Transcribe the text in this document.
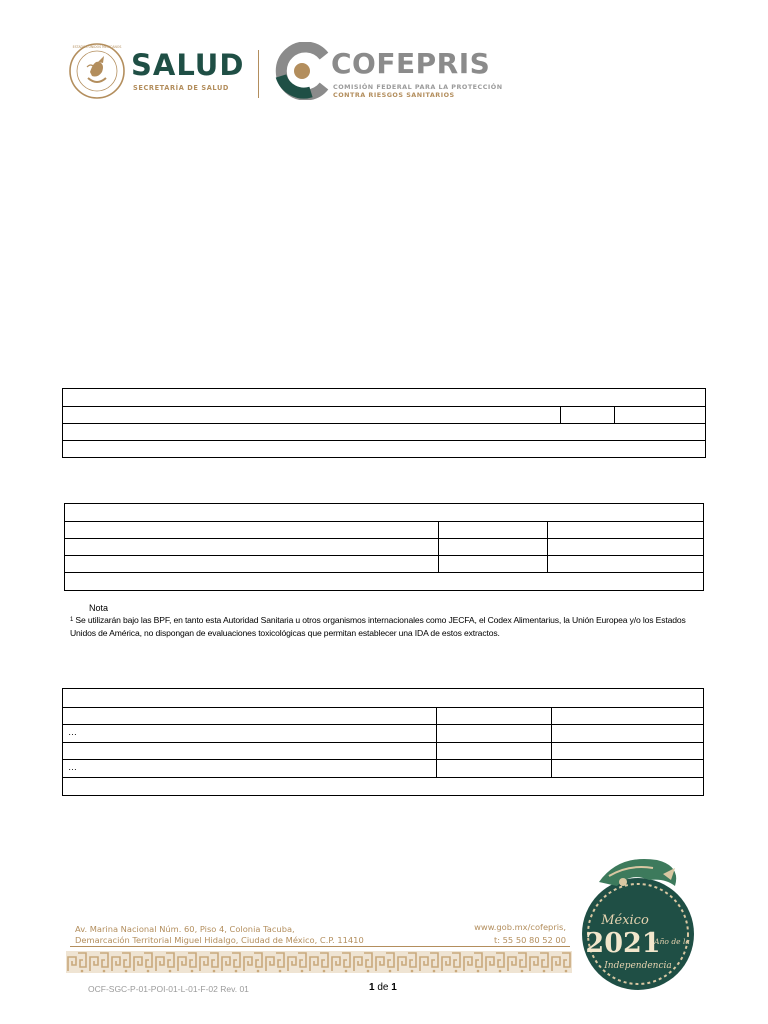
ESTADOS UNIDOS MEXICANOS
SALUD
SECRETARÍA DE SALUD
COFEPRIS
COMISIÓN FEDERAL PARA LA PROTECCIÓN
CONTRA RIESGOS SANITARIOS
Nota
$^1$ Se utilizarán bajo las BPF, en tanto esta Autoridad Sanitaria u otros organismos internacionales como JECFA, el Codex Alimentarius, la Unión Europea y/o los Estados Unidos de América, no dispongan de evaluaciones toxicológicas que permitan establecer una IDA de estos extractos.
…
…
Av. Marina Nacional Núm. 60, Piso 4, Colonia Tacuba,
Demarcación Territorial Miguel Hidalgo, Ciudad de México, C.P. 11410
www.gob.mx/cofepris,
t: 55 50 80 52 00
México
2021
Año de la
Independencia
OCF-SGC-P-01-POI-01-L-01-F-02 Rev. 01	1 de 1
